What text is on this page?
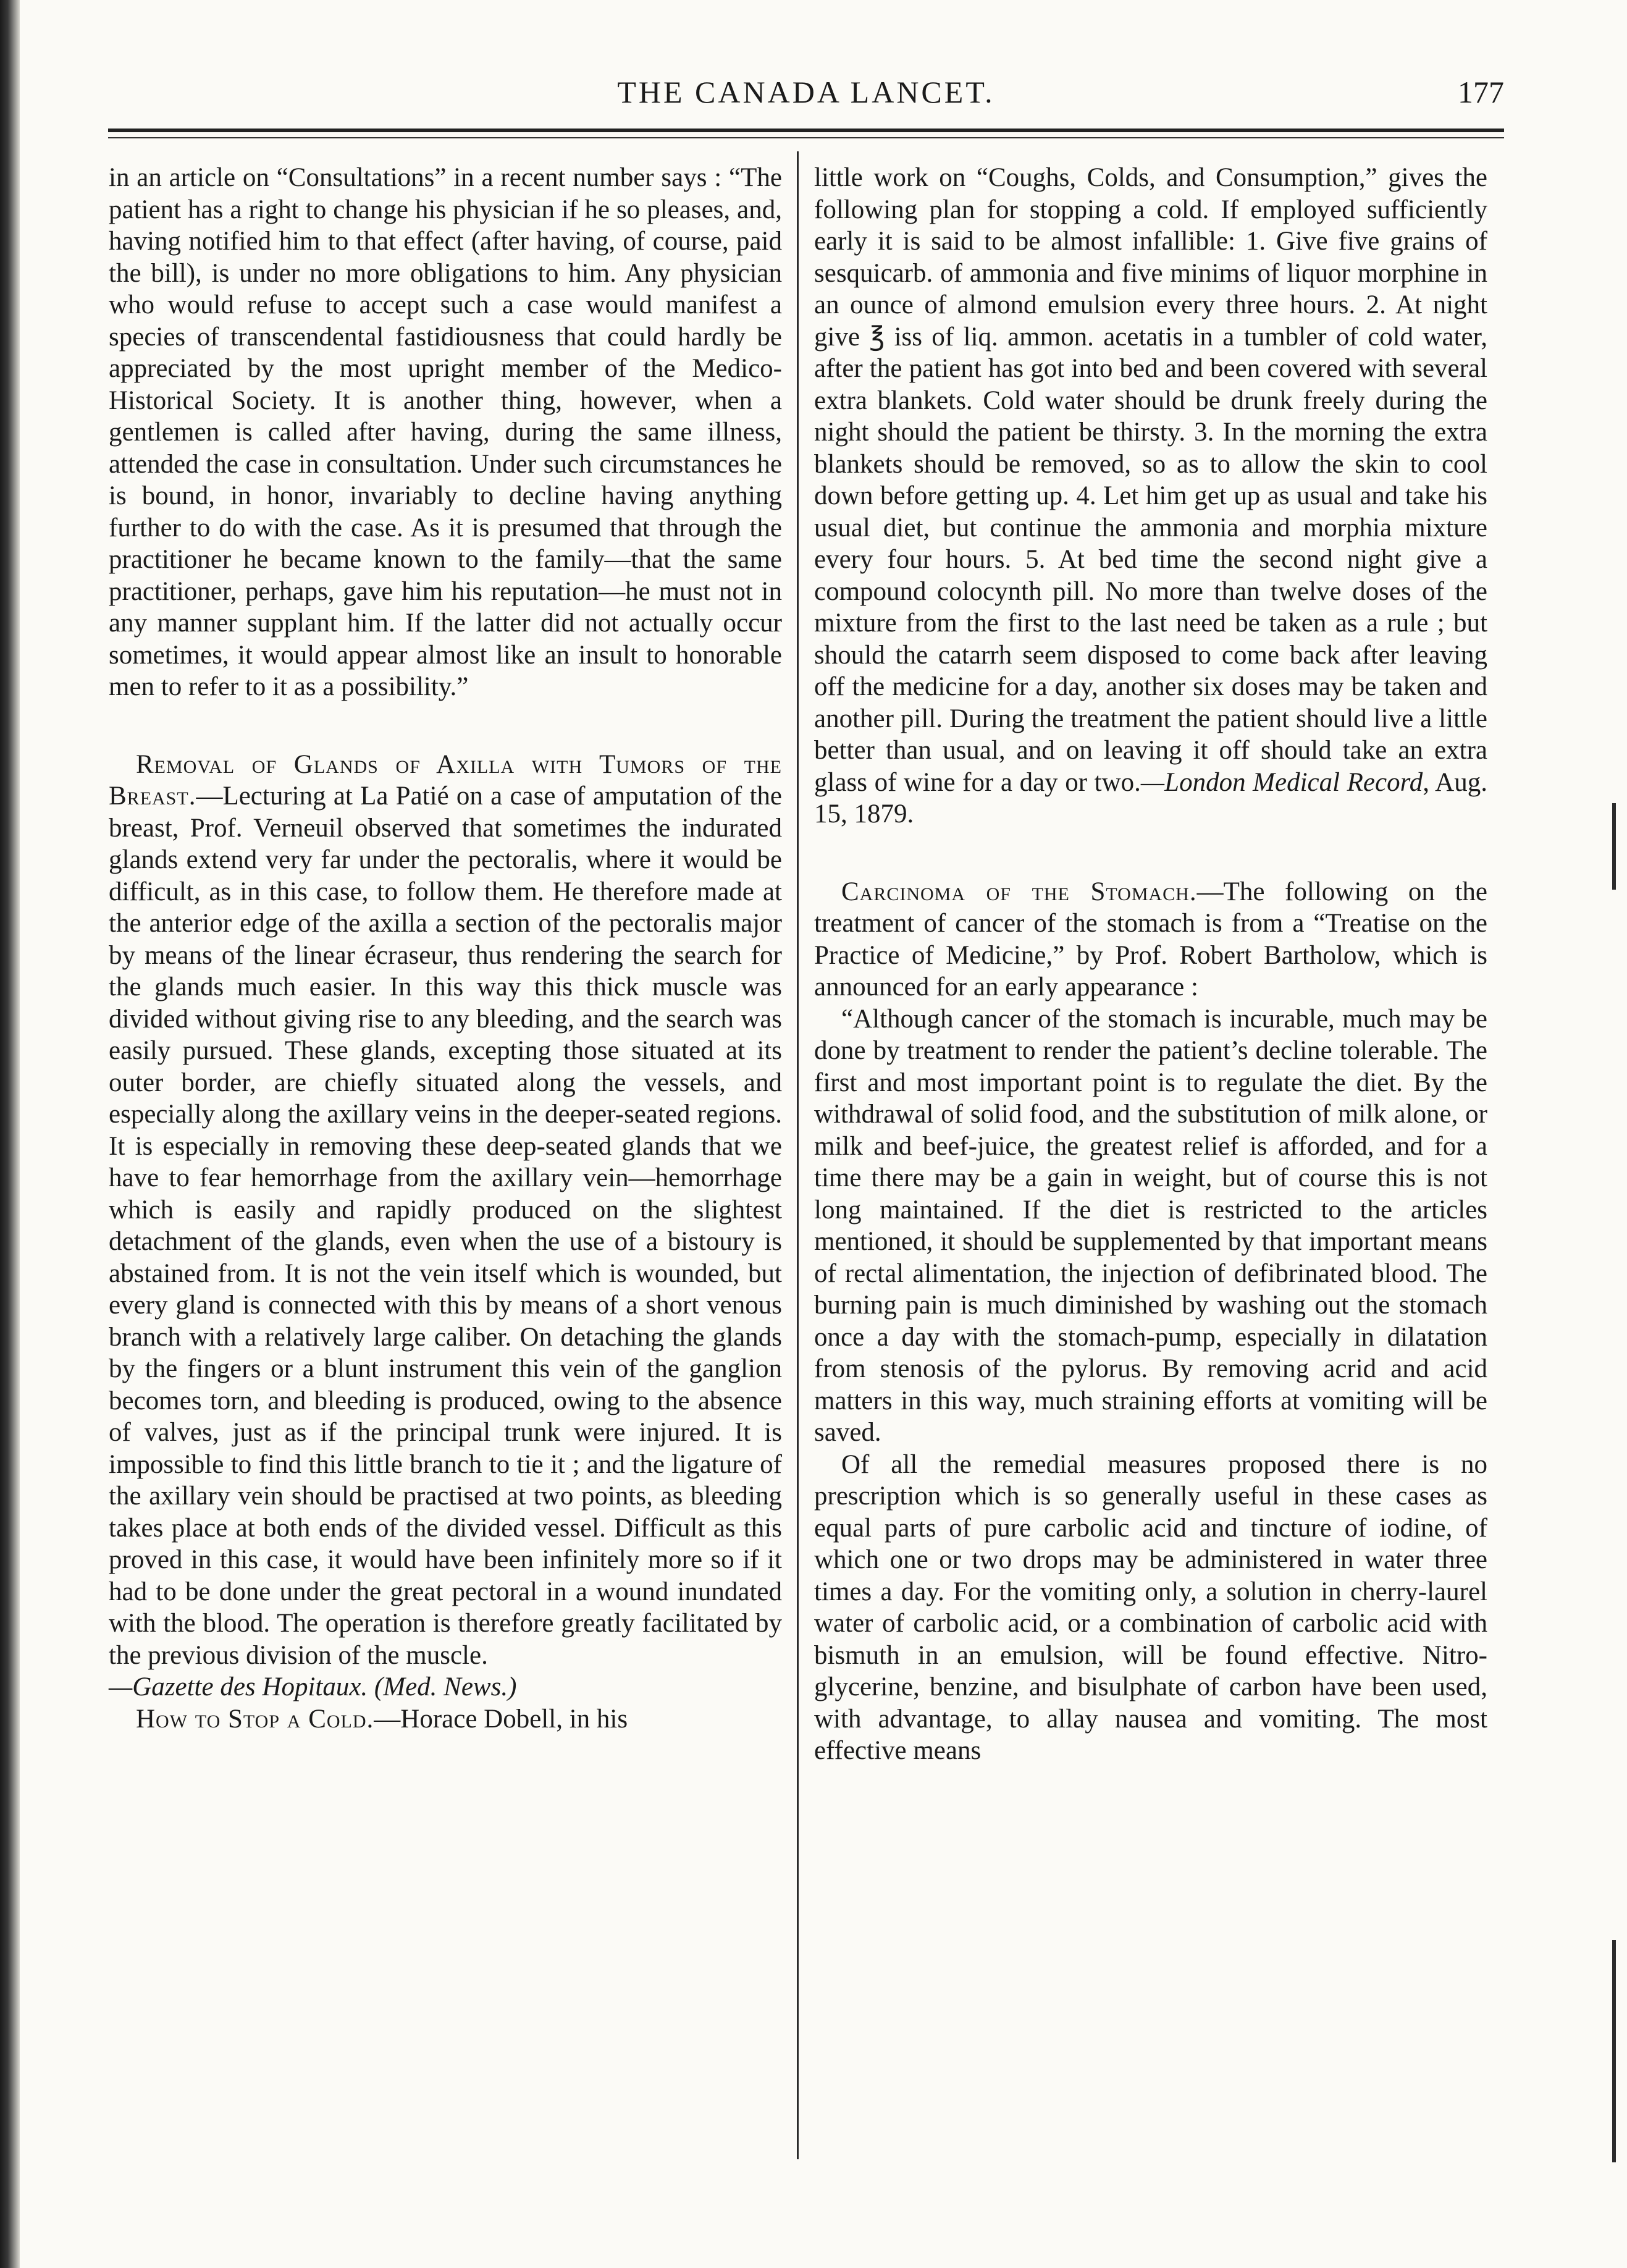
THE CANADA LANCET.	177

in an article on “Consultations” in a recent number says : “The patient has a right to change his physician if he so pleases, and, having notified him to that effect (after having, of course, paid the bill), is under no more obligations to him. Any physician who would refuse to accept such a case would manifest a species of transcendental fastidiousness that could hardly be appreciated by the most upright member of the Medico-Historical Society. It is another thing, however, when a gentlemen is called after having, during the same illness, attended the case in consultation. Under such circumstances he is bound, in honor, invariably to decline having anything further to do with the case. As it is presumed that through the practitioner he became known to the family—that the same practitioner, perhaps, gave him his reputation—he must not in any manner supplant him. If the latter did not actually occur sometimes, it would appear almost like an insult to honorable men to refer to it as a possibility.”

Removal of Glands of Axilla with Tumors of the Breast.—Lecturing at La Patié on a case of amputation of the breast, Prof. Verneuil observed that sometimes the indurated glands extend very far under the pectoralis, where it would be difficult, as in this case, to follow them. He therefore made at the anterior edge of the axilla a section of the pectoralis major by means of the linear écraseur, thus rendering the search for the glands much easier. In this way this thick muscle was divided without giving rise to any bleeding, and the search was easily pursued. These glands, excepting those situated at its outer border, are chiefly situated along the vessels, and especially along the axillary veins in the deeper-seated regions. It is especially in removing these deep-seated glands that we have to fear hemorrhage from the axillary vein—hemorrhage which is easily and rapidly produced on the slightest detachment of the glands, even when the use of a bistoury is abstained from. It is not the vein itself which is wounded, but every gland is connected with this by means of a short venous branch with a relatively large caliber. On detaching the glands by the fingers or a blunt instrument this vein of the ganglion becomes torn, and bleeding is produced, owing to the absence of valves, just as if the principal trunk were injured. It is impossible to find this little branch to tie it ; and the ligature of the axillary vein should be practised at two points, as bleeding takes place at both ends of the divided vessel. Difficult as this proved in this case, it would have been infinitely more so if it had to be done under the great pectoral in a wound inundated with the blood. The operation is therefore greatly facilitated by the previous division of the muscle.

—Gazette des Hopitaux. (Med. News.)

How to Stop a Cold.—Horace Dobell, in his

little work on “Coughs, Colds, and Consumption,” gives the following plan for stopping a cold. If employed sufficiently early it is said to be almost infallible: 1. Give five grains of sesquicarb. of ammonia and five minims of liquor morphine in an ounce of almond emulsion every three hours. 2. At night give ℥ iss of liq. ammon. acetatis in a tumbler of cold water, after the patient has got into bed and been covered with several extra blankets. Cold water should be drunk freely during the night should the patient be thirsty. 3. In the morning the extra blankets should be removed, so as to allow the skin to cool down before getting up. 4. Let him get up as usual and take his usual diet, but continue the ammonia and morphia mixture every four hours. 5. At bed time the second night give a compound colocynth pill. No more than twelve doses of the mixture from the first to the last need be taken as a rule ; but should the catarrh seem disposed to come back after leaving off the medicine for a day, another six doses may be taken and another pill. During the treatment the patient should live a little better than usual, and on leaving it off should take an extra glass of wine for a day or two.—London Medical Record, Aug. 15, 1879.

Carcinoma of the Stomach.—The following on the treatment of cancer of the stomach is from a “Treatise on the Practice of Medicine,” by Prof. Robert Bartholow, which is announced for an early appearance :

“Although cancer of the stomach is incurable, much may be done by treatment to render the patient’s decline tolerable. The first and most important point is to regulate the diet. By the withdrawal of solid food, and the substitution of milk alone, or milk and beef-juice, the greatest relief is afforded, and for a time there may be a gain in weight, but of course this is not long maintained. If the diet is restricted to the articles mentioned, it should be supplemented by that important means of rectal alimentation, the injection of defibrinated blood. The burning pain is much diminished by washing out the stomach once a day with the stomach-pump, especially in dilatation from stenosis of the pylorus. By removing acrid and acid matters in this way, much straining efforts at vomiting will be saved.

Of all the remedial measures proposed there is no prescription which is so generally useful in these cases as equal parts of pure carbolic acid and tincture of iodine, of which one or two drops may be administered in water three times a day. For the vomiting only, a solution in cherry-laurel water of carbolic acid, or a combination of carbolic acid with bismuth in an emulsion, will be found effective. Nitro-glycerine, benzine, and bisulphate of carbon have been used, with advantage, to allay nausea and vomiting. The most effective means
